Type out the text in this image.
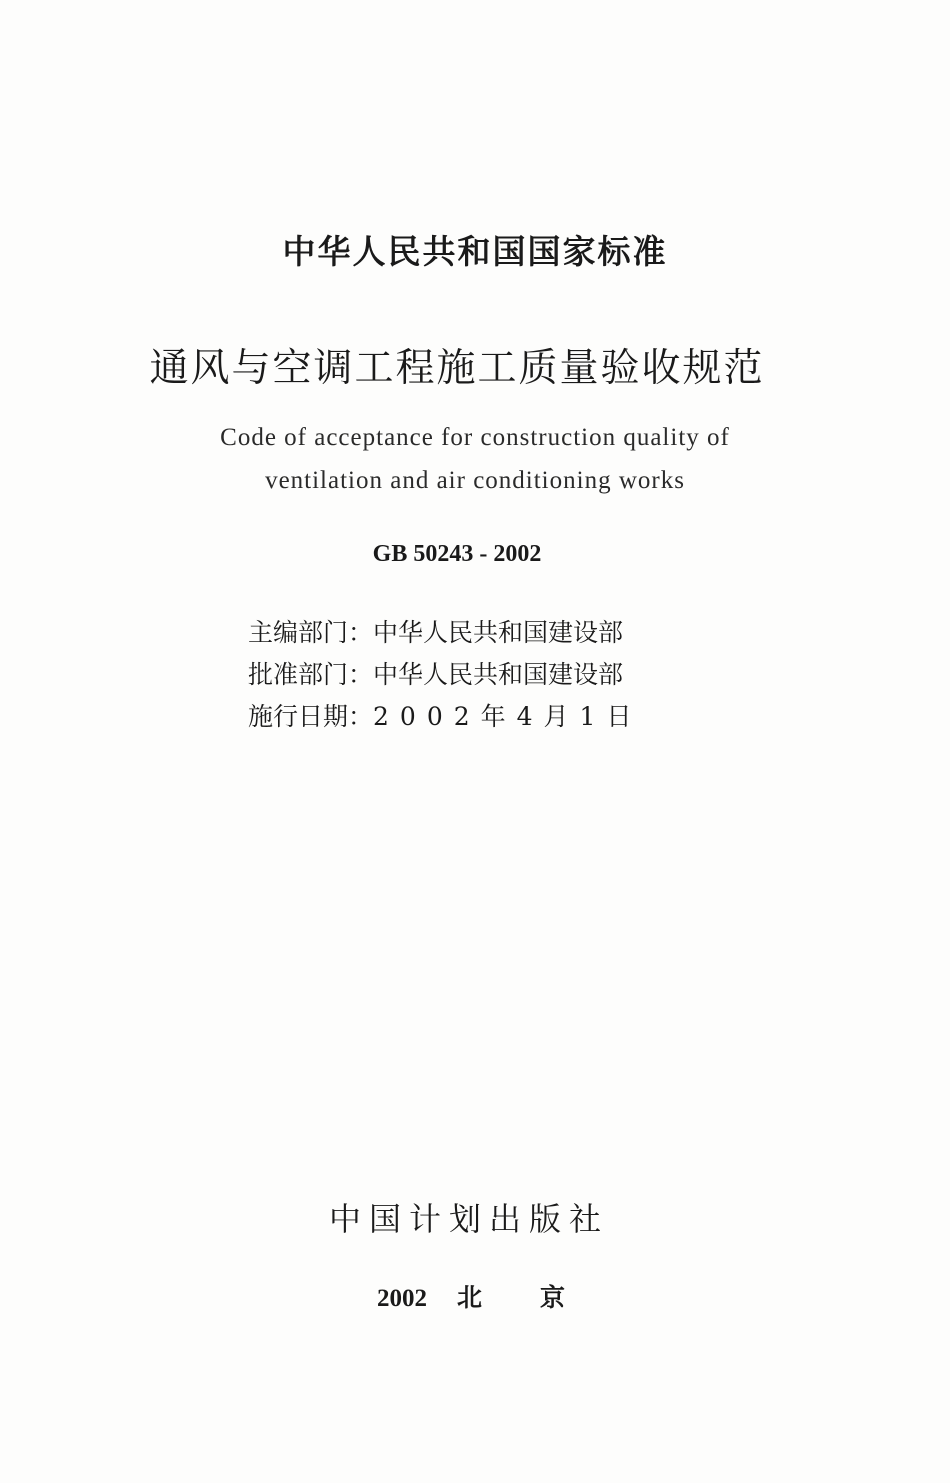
中华人民共和国国家标准
通风与空调工程施工质量验收规范
Code of acceptance for construction quality of
ventilation and air conditioning works
GB 50243 - 2002
主编部门：中华人民共和国建设部
批准部门：中华人民共和国建设部
施行日期：2002年4月1日
中国计划出版社
2002 北 京
